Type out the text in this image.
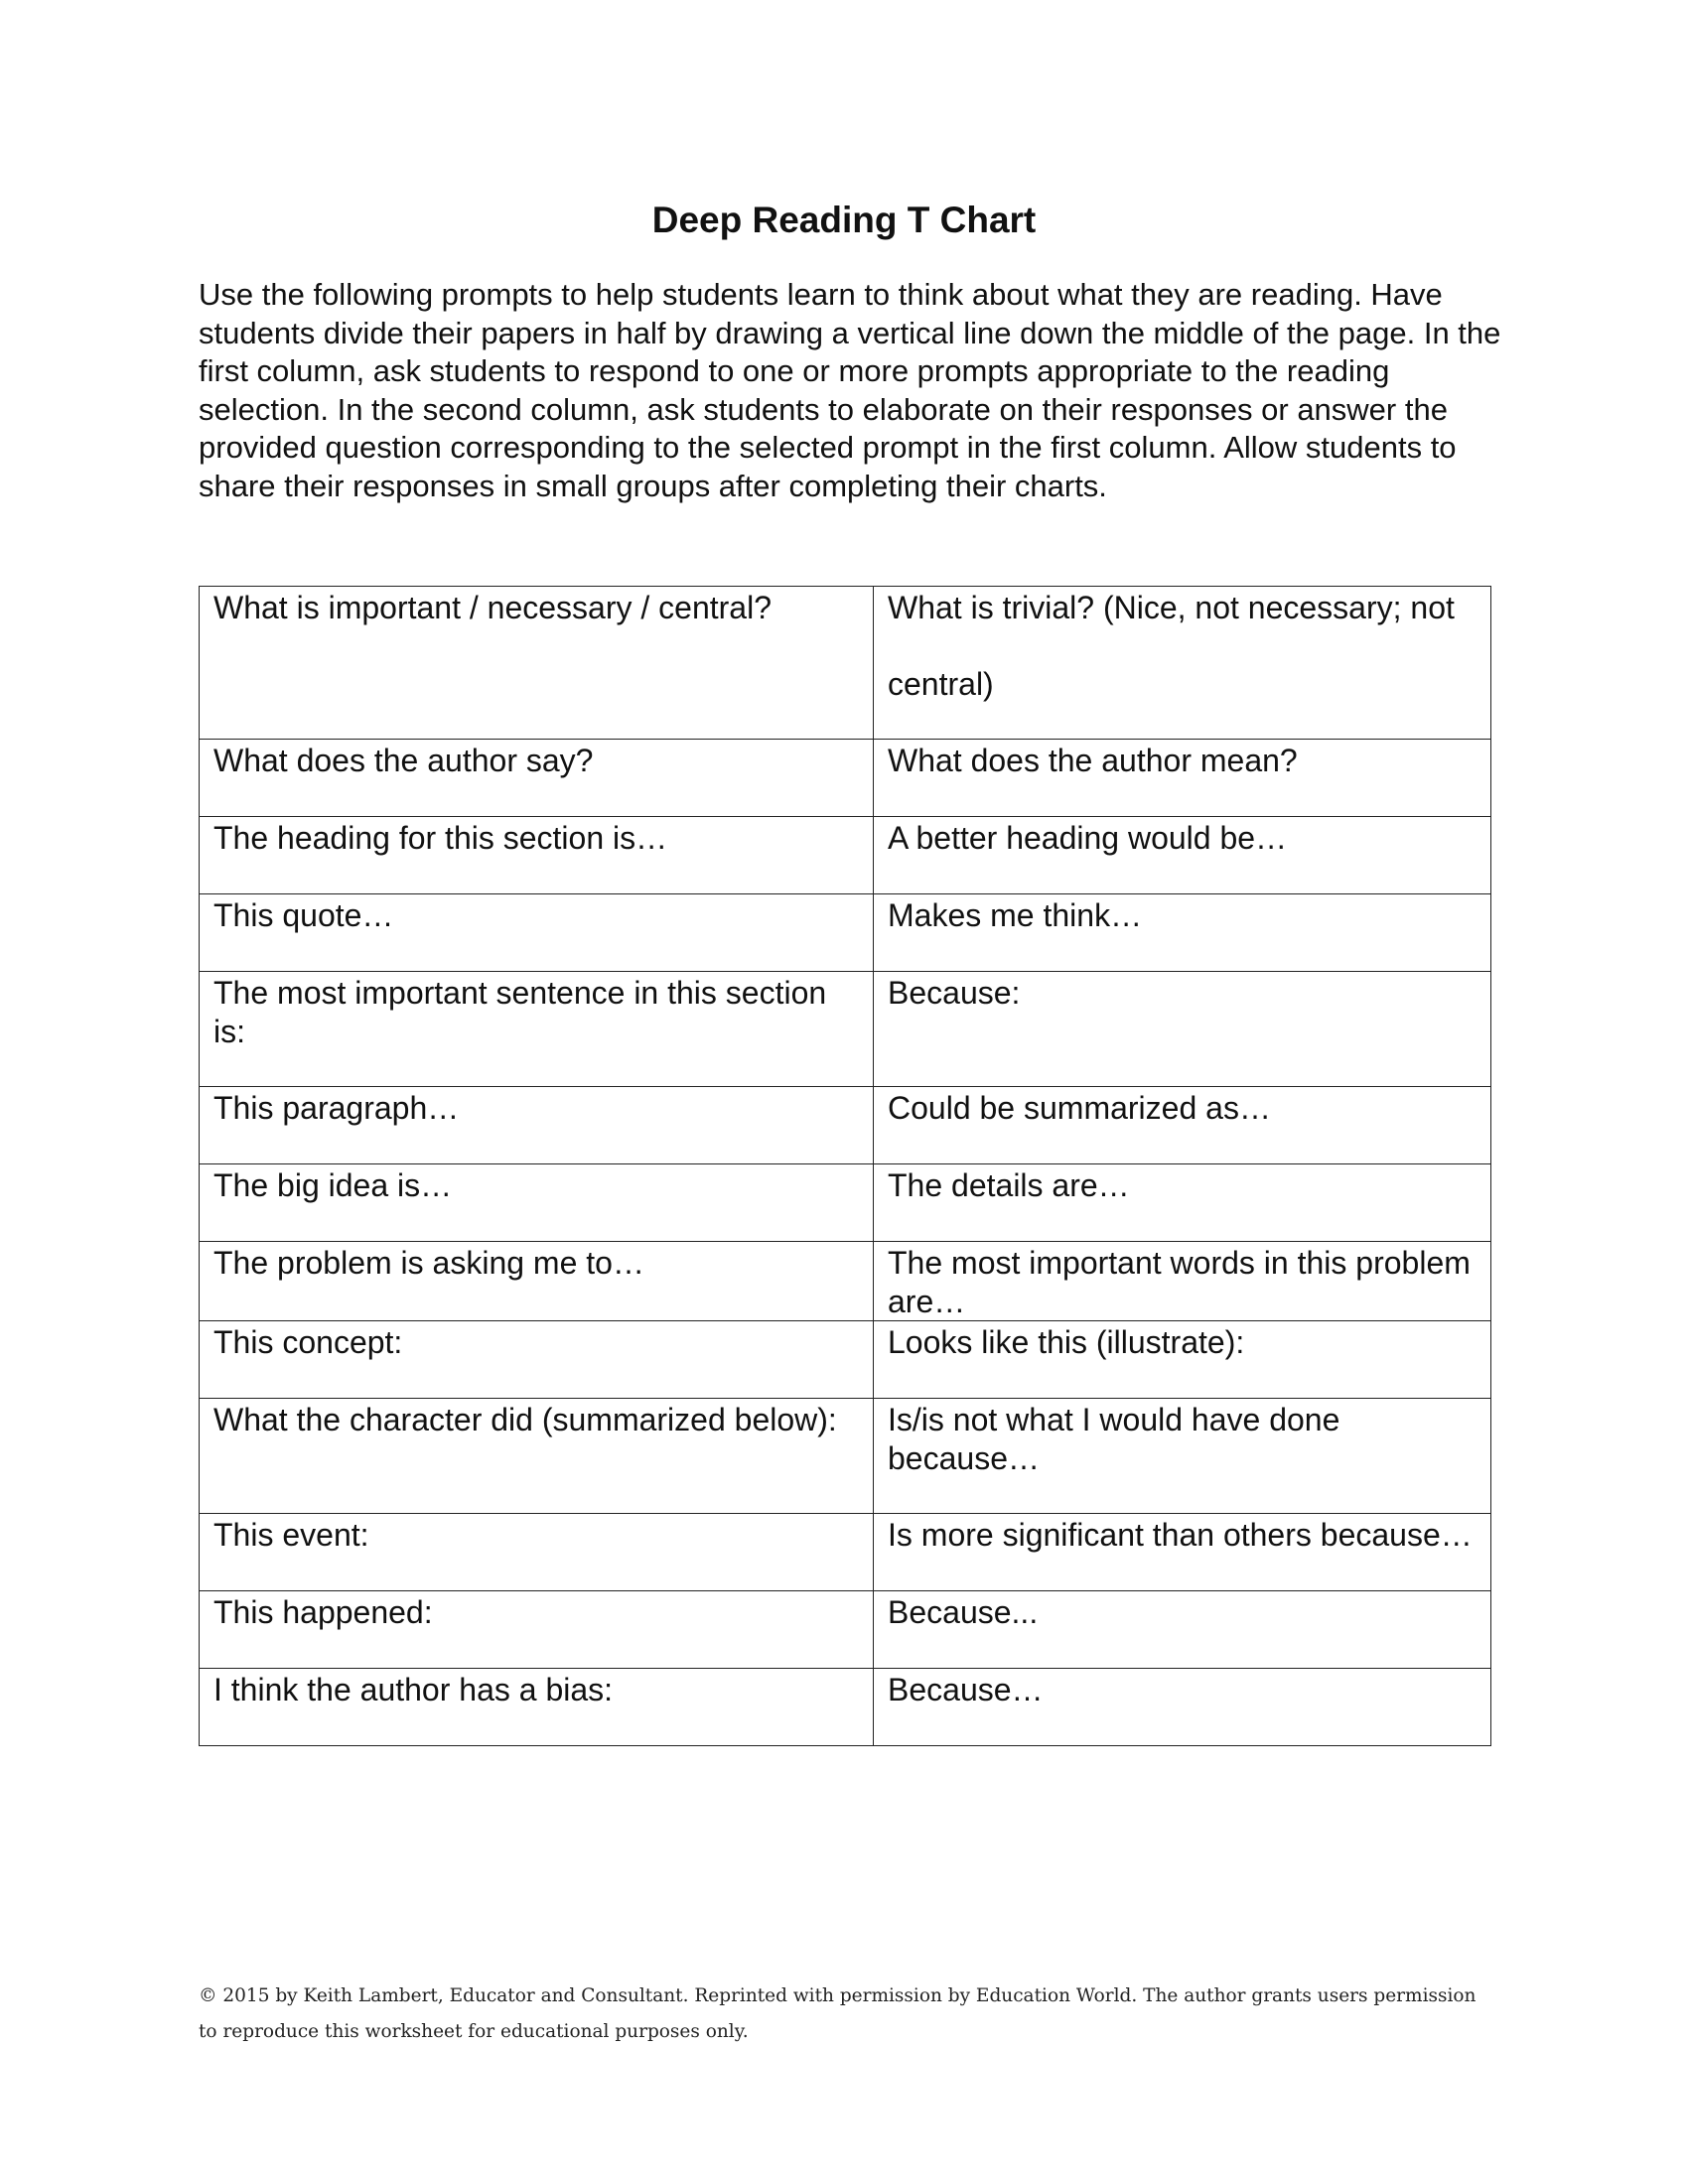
Deep Reading T Chart
Use the following prompts to help students learn to think about what they are reading. Have students divide their papers in half by drawing a vertical line down the middle of the page. In the first column, ask students to respond to one or more prompts appropriate to the reading selection. In the second column, ask students to elaborate on their responses or answer the provided question corresponding to the selected prompt in the first column. Allow students to share their responses in small groups after completing their charts.
What is important / necessary / central?	What is trivial? (Nice, not necessary; not central)

What does the author say?	What does the author mean?

The heading for this section is…	A better heading would be…

This quote…	Makes me think…

The most important sentence in this section is:	Because:

This paragraph…	Could be summarized as…

The big idea is…	The details are…

The problem is asking me to…	The most important words in this problem are…

This concept:	Looks like this (illustrate):

What the character did (summarized below):	Is/is not what I would have done because…

This event:	Is more significant than others because…

This happened:	Because...

I think the author has a bias:	Because…
© 2015 by Keith Lambert, Educator and Consultant. Reprinted with permission by Education World. The author grants users permission to reproduce this worksheet for educational purposes only.
